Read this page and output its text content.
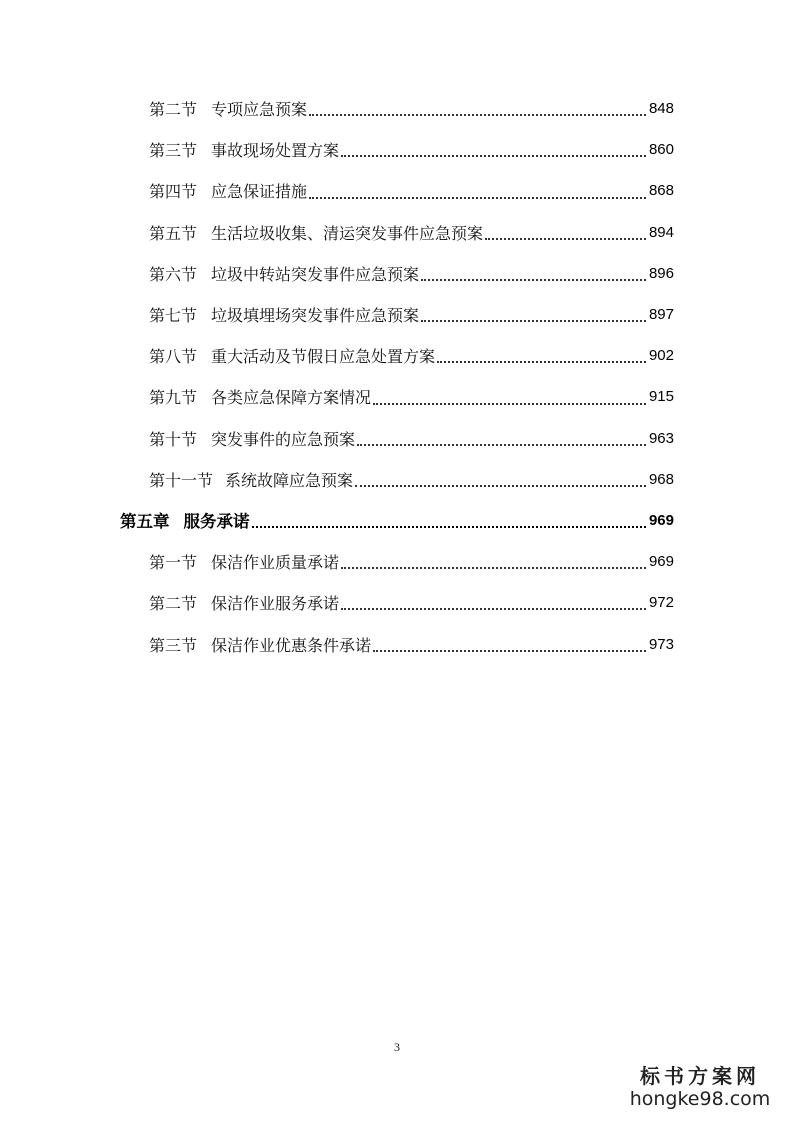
第二节 专项应急预案	848
第三节 事故现场处置方案	860
第四节 应急保证措施	868
第五节 生活垃圾收集、清运突发事件应急预案	894
第六节 垃圾中转站突发事件应急预案	896
第七节 垃圾填埋场突发事件应急预案	897
第八节 重大活动及节假日应急处置方案	902
第九节 各类应急保障方案情况	915
第十节 突发事件的应急预案	963
第十一节 系统故障应急预案	968
第五章 服务承诺	969
第一节 保洁作业质量承诺	969
第二节 保洁作业服务承诺	972
第三节 保洁作业优惠条件承诺	973
3
标书方案网
hongke98.com
